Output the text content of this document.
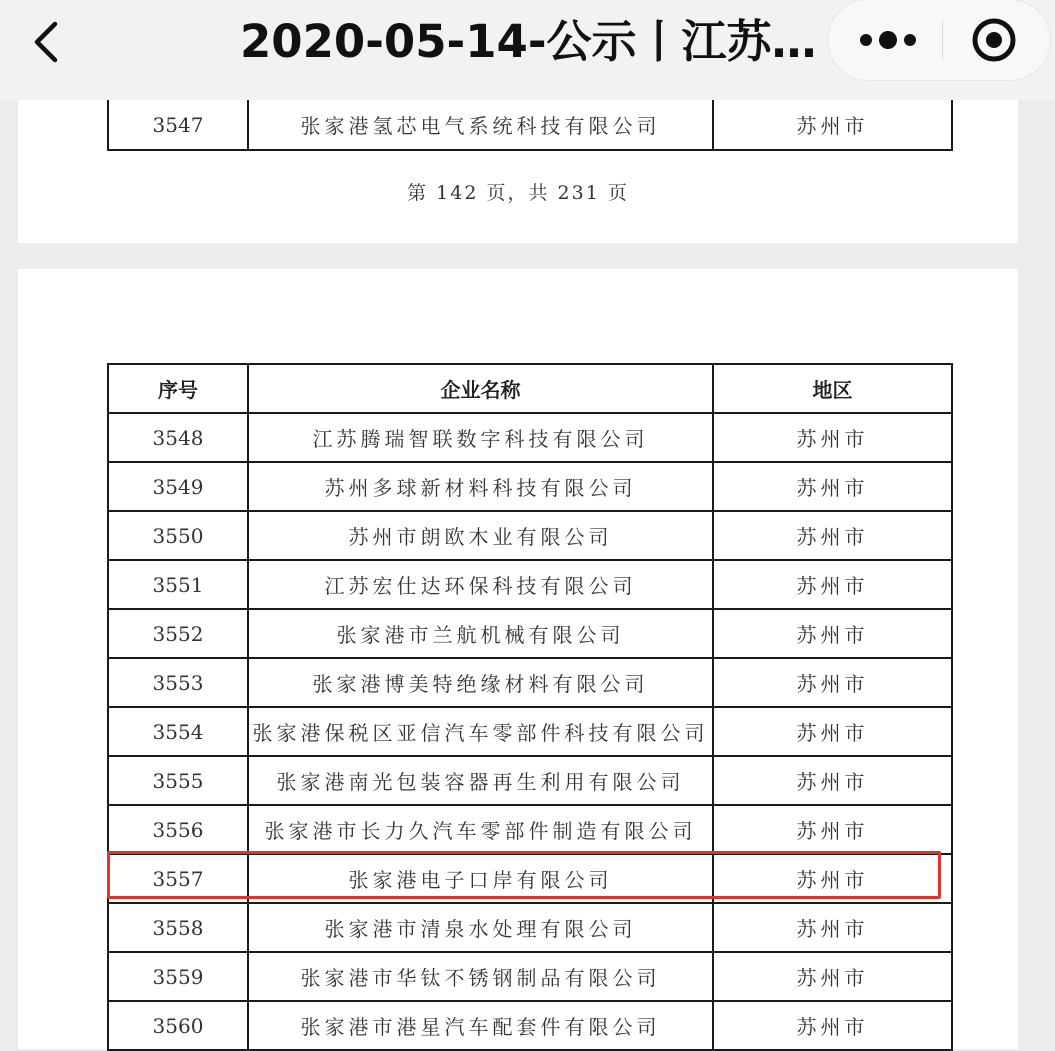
2020-05-14-公示丨江苏…
3547	张家港氢芯电气系统科技有限公司	苏州市
第 142 页，共 231 页
序号	企业名称	地区
3548	江苏腾瑞智联数字科技有限公司	苏州市
3549	苏州多球新材料科技有限公司	苏州市
3550	苏州市朗欧木业有限公司	苏州市
3551	江苏宏仕达环保科技有限公司	苏州市
3552	张家港市兰航机械有限公司	苏州市
3553	张家港博美特绝缘材料有限公司	苏州市
3554	张家港保税区亚信汽车零部件科技有限公司	苏州市
3555	张家港南光包装容器再生利用有限公司	苏州市
3556	张家港市长力久汽车零部件制造有限公司	苏州市
3557	张家港电子口岸有限公司	苏州市
3558	张家港市清泉水处理有限公司	苏州市
3559	张家港市华钛不锈钢制品有限公司	苏州市
3560	张家港市港星汽车配套件有限公司	苏州市
